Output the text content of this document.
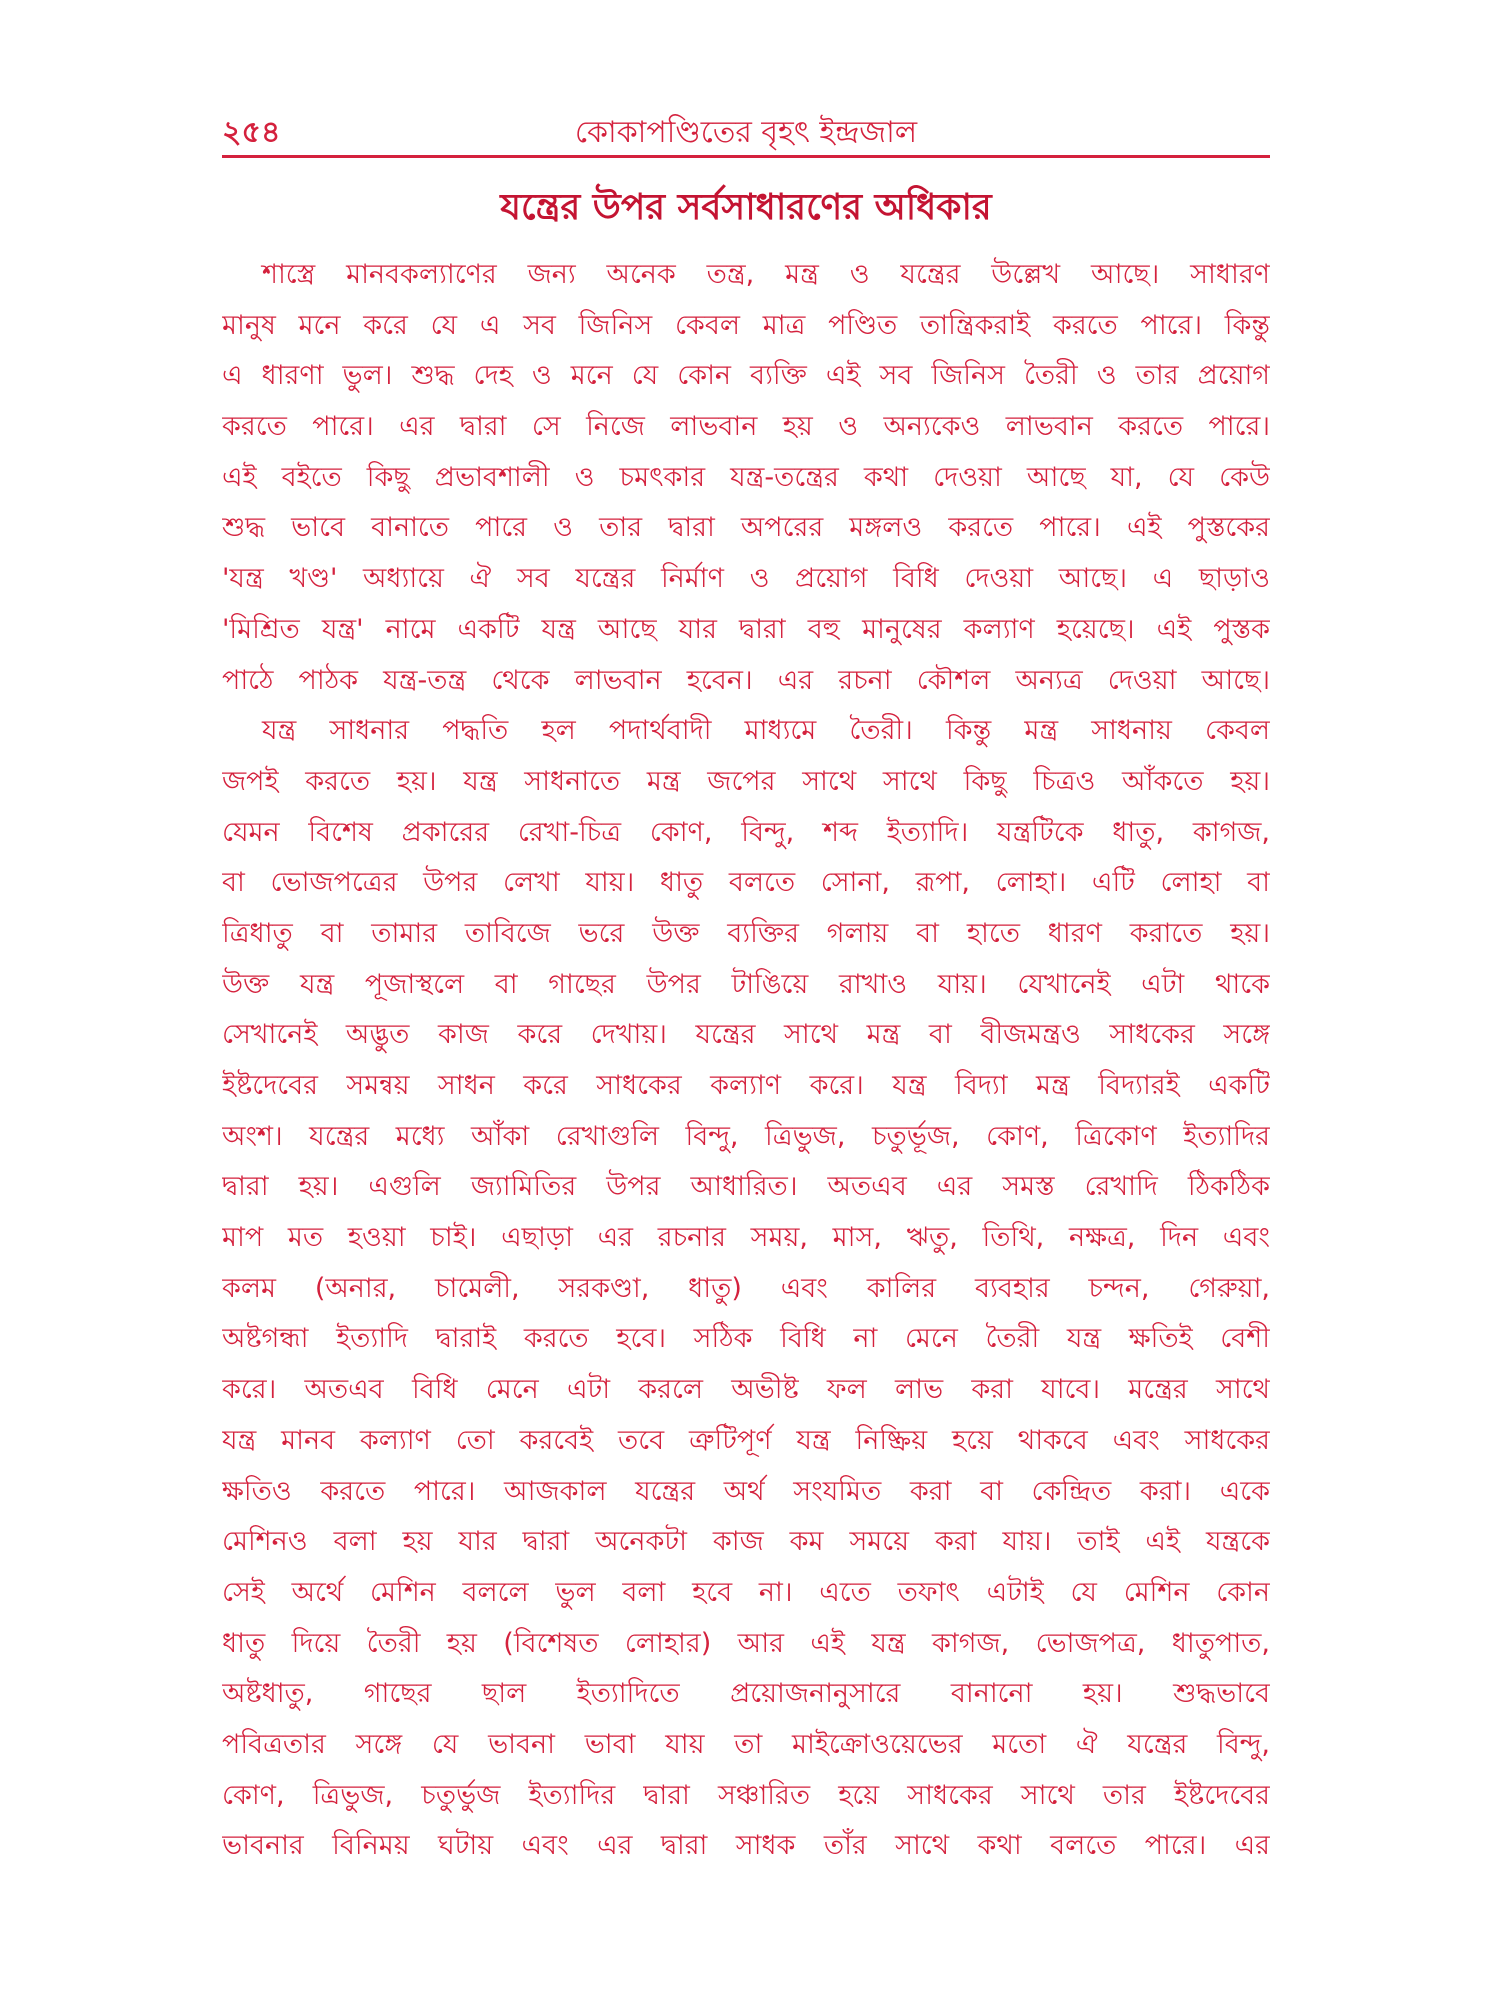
২৫৪	কোকাপণ্ডিতের বৃহৎ ইন্দ্রজাল
যন্ত্রের উপর সর্বসাধারণের অধিকার
শাস্ত্রে মানবকল্যাণের জন্য অনেক তন্ত্র, মন্ত্র ও যন্ত্রের উল্লেখ আছে। সাধারণ
মানুষ মনে করে যে এ সব জিনিস কেবল মাত্র পণ্ডিত তান্ত্রিকরাই করতে পারে। কিন্তু
এ ধারণা ভুল। শুদ্ধ দেহ ও মনে যে কোন ব্যক্তি এই সব জিনিস তৈরী ও তার প্রয়োগ
করতে পারে। এর দ্বারা সে নিজে লাভবান হয় ও অন্যকেও লাভবান করতে পারে।
এই বইতে কিছু প্রভাবশালী ও চমৎকার যন্ত্র-তন্ত্রের কথা দেওয়া আছে যা, যে কেউ
শুদ্ধ ভাবে বানাতে পারে ও তার দ্বারা অপরের মঙ্গলও করতে পারে। এই পুস্তকের
'যন্ত্র খণ্ড' অধ্যায়ে ঐ সব যন্ত্রের নির্মাণ ও প্রয়োগ বিধি দেওয়া আছে। এ ছাড়াও
'মিশ্রিত যন্ত্র' নামে একটি যন্ত্র আছে যার দ্বারা বহু মানুষের কল্যাণ হয়েছে। এই পুস্তক
পাঠে পাঠক যন্ত্র-তন্ত্র থেকে লাভবান হবেন। এর রচনা কৌশল অন্যত্র দেওয়া আছে।
যন্ত্র সাধনার পদ্ধতি হল পদার্থবাদী মাধ্যমে তৈরী। কিন্তু মন্ত্র সাধনায় কেবল
জপই করতে হয়। যন্ত্র সাধনাতে মন্ত্র জপের সাথে সাথে কিছু চিত্রও আঁকতে হয়।
যেমন বিশেষ প্রকারের রেখা-চিত্র কোণ, বিন্দু, শব্দ ইত্যাদি। যন্ত্রটিকে ধাতু, কাগজ,
বা ভোজপত্রের উপর লেখা যায়। ধাতু বলতে সোনা, রূপা, লোহা। এটি লোহা বা
ত্রিধাতু বা তামার তাবিজে ভরে উক্ত ব্যক্তির গলায় বা হাতে ধারণ করাতে হয়।
উক্ত যন্ত্র পূজাস্থলে বা গাছের উপর টাঙিয়ে রাখাও যায়। যেখানেই এটা থাকে
সেখানেই অদ্ভুত কাজ করে দেখায়। যন্ত্রের সাথে মন্ত্র বা বীজমন্ত্রও সাধকের সঙ্গে
ইষ্টদেবের সমন্বয় সাধন করে সাধকের কল্যাণ করে। যন্ত্র বিদ্যা মন্ত্র বিদ্যারই একটি
অংশ। যন্ত্রের মধ্যে আঁকা রেখাগুলি বিন্দু, ত্রিভুজ, চতুর্ভূজ, কোণ, ত্রিকোণ ইত্যাদির
দ্বারা হয়। এগুলি জ্যামিতির উপর আধারিত। অতএব এর সমস্ত রেখাদি ঠিকঠিক
মাপ মত হওয়া চাই। এছাড়া এর রচনার সময়, মাস, ঋতু, তিথি, নক্ষত্র, দিন এবং
কলম (অনার, চামেলী, সরকণ্ডা, ধাতু) এবং কালির ব্যবহার চন্দন, গেরুয়া,
অষ্টগন্ধা ইত্যাদি দ্বারাই করতে হবে। সঠিক বিধি না মেনে তৈরী যন্ত্র ক্ষতিই বেশী
করে। অতএব বিধি মেনে এটা করলে অভীষ্ট ফল লাভ করা যাবে। মন্ত্রের সাথে
যন্ত্র মানব কল্যাণ তো করবেই তবে ত্রুটিপূর্ণ যন্ত্র নিষ্ক্রিয় হয়ে থাকবে এবং সাধকের
ক্ষতিও করতে পারে। আজকাল যন্ত্রের অর্থ সংযমিত করা বা কেন্দ্রিত করা। একে
মেশিনও বলা হয় যার দ্বারা অনেকটা কাজ কম সময়ে করা যায়। তাই এই যন্ত্রকে
সেই অর্থে মেশিন বললে ভুল বলা হবে না। এতে তফাৎ এটাই যে মেশিন কোন
ধাতু দিয়ে তৈরী হয় (বিশেষত লোহার) আর এই যন্ত্র কাগজ, ভোজপত্র, ধাতুপাত,
অষ্টধাতু, গাছের ছাল ইত্যাদিতে প্রয়োজনানুসারে বানানো হয়। শুদ্ধভাবে
পবিত্রতার সঙ্গে যে ভাবনা ভাবা যায় তা মাইক্রোওয়েভের মতো ঐ যন্ত্রের বিন্দু,
কোণ, ত্রিভুজ, চতুর্ভুজ ইত্যাদির দ্বারা সঞ্চারিত হয়ে সাধকের সাথে তার ইষ্টদেবের
ভাবনার বিনিময় ঘটায় এবং এর দ্বারা সাধক তাঁর সাথে কথা বলতে পারে। এর
